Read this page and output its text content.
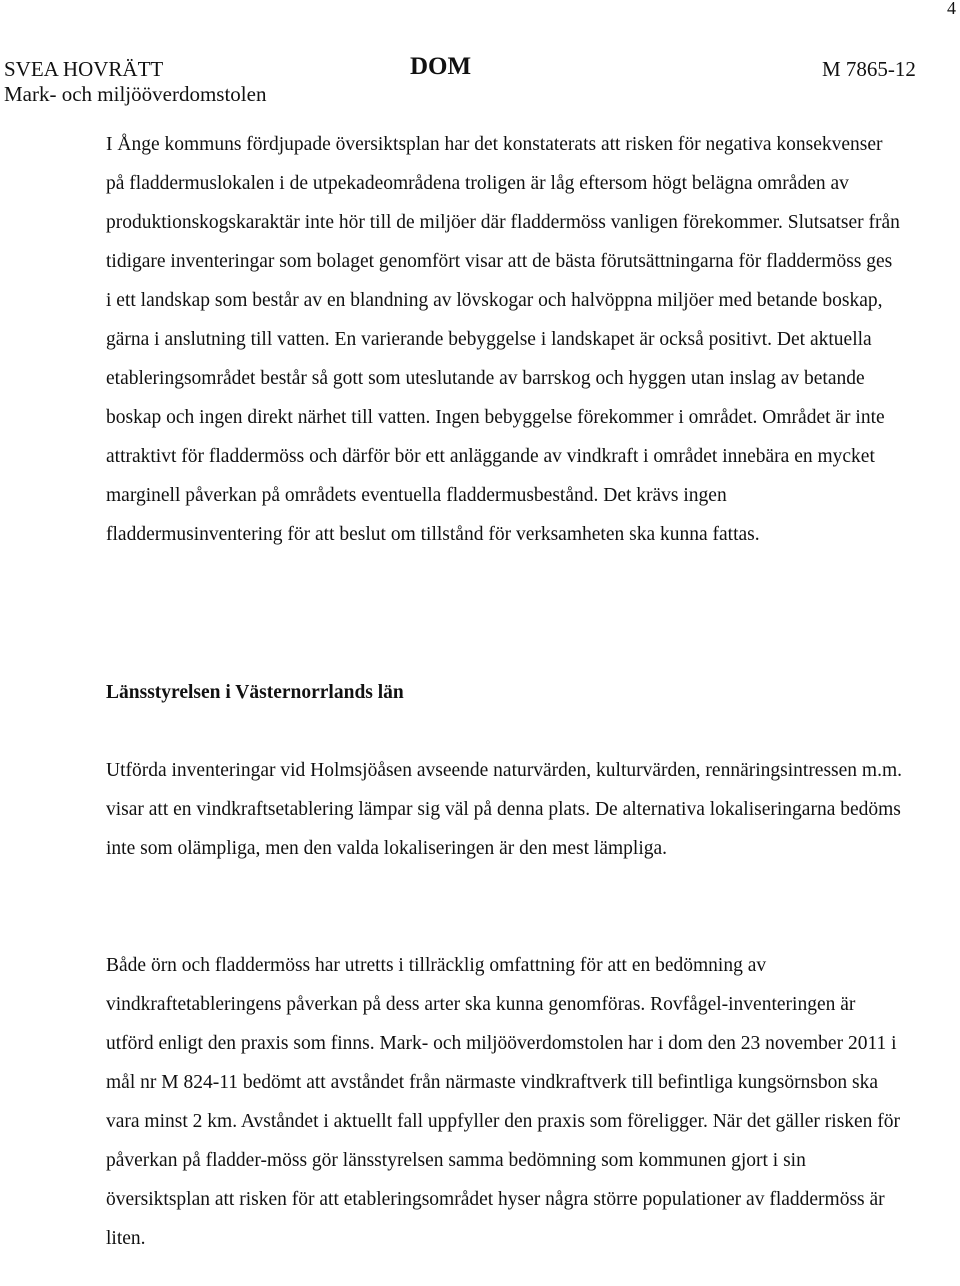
4
SVEA HOVRÄTT
Mark- och miljööverdomstolen
DOM	M 7865-12

I Ånge kommuns fördjupade översiktsplan har det konstaterats att risken för negativa konsekvenser på fladdermuslokalen i de utpekadeområdena troligen är låg eftersom högt belägna områden av produktionskogskaraktär inte hör till de miljöer där fladdermöss vanligen förekommer. Slutsatser från tidigare inventeringar som bolaget genomfört visar att de bästa förutsättningarna för fladdermöss ges i ett landskap som består av en blandning av lövskogar och halvöppna miljöer med betande boskap, gärna i anslutning till vatten. En varierande bebyggelse i landskapet är också positivt. Det aktuella etableringsområdet består så gott som uteslutande av barrskog och hyggen utan inslag av betande boskap och ingen direkt närhet till vatten. Ingen bebyggelse förekommer i området. Området är inte attraktivt för fladdermöss och därför bör ett anläggande av vindkraft i området innebära en mycket marginell påverkan på områdets eventuella fladdermusbestånd. Det krävs ingen fladdermusinventering för att beslut om tillstånd för verksamheten ska kunna fattas.

Länsstyrelsen i Västernorrlands län

Utförda inventeringar vid Holmsjöåsen avseende naturvärden, kulturvärden, rennäringsintressen m.m. visar att en vindkraftsetablering lämpar sig väl på denna plats. De alternativa lokaliseringarna bedöms inte som olämpliga, men den valda lokaliseringen är den mest lämpliga.

Både örn och fladdermöss har utretts i tillräcklig omfattning för att en bedömning av vindkraftetableringens påverkan på dess arter ska kunna genomföras. Rovfågel-inventeringen är utförd enligt den praxis som finns. Mark- och miljööverdomstolen har i dom den 23 november 2011 i mål nr M 824-11 bedömt att avståndet från närmaste vindkraftverk till befintliga kungsörnsbon ska vara minst 2 km. Avståndet i aktuellt fall uppfyller den praxis som föreligger. När det gäller risken för påverkan på fladder-möss gör länsstyrelsen samma bedömning som kommunen gjort i sin översiktsplan att risken för att etableringsområdet hyser några större populationer av fladdermöss är liten.
